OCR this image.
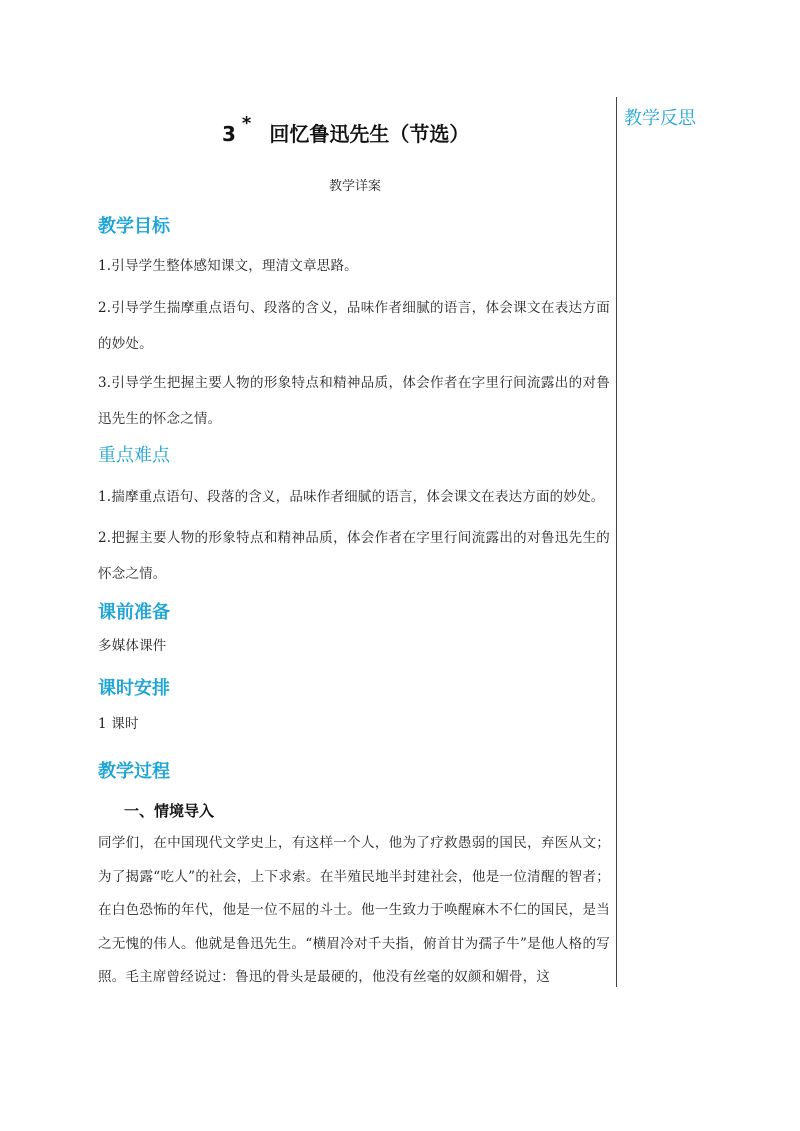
教学反思
3 * 回忆鲁迅先生（节选）
教学详案
教学目标

1.引导学生整体感知课文，理清文章思路。

2.引导学生揣摩重点语句、段落的含义，品味作者细腻的语言，体会课文在表达方面的妙处。

3.引导学生把握主要人物的形象特点和精神品质，体会作者在字里行间流露出的对鲁迅先生的怀念之情。

重点难点

1.揣摩重点语句、段落的含义，品味作者细腻的语言，体会课文在表达方面的妙处。

2.把握主要人物的形象特点和精神品质，体会作者在字里行间流露出的对鲁迅先生的怀念之情。

课前准备

多媒体课件

课时安排

1 课时

教学过程
一、情境导入

同学们，在中国现代文学史上，有这样一个人，他为了疗救愚弱的国民，弃医从文；为了揭露“吃人”的社会，上下求索。在半殖民地半封建社会，他是一位清醒的智者；在白色恐怖的年代，他是一位不屈的斗士。他一生致力于唤醒麻木不仁的国民，是当之无愧的伟人。他就是鲁迅先生。“横眉冷对千夫指，俯首甘为孺子牛”是他人格的写照。毛主席曾经说过：鲁迅的骨头是最硬的，他没有丝毫的奴颜和媚骨，这
